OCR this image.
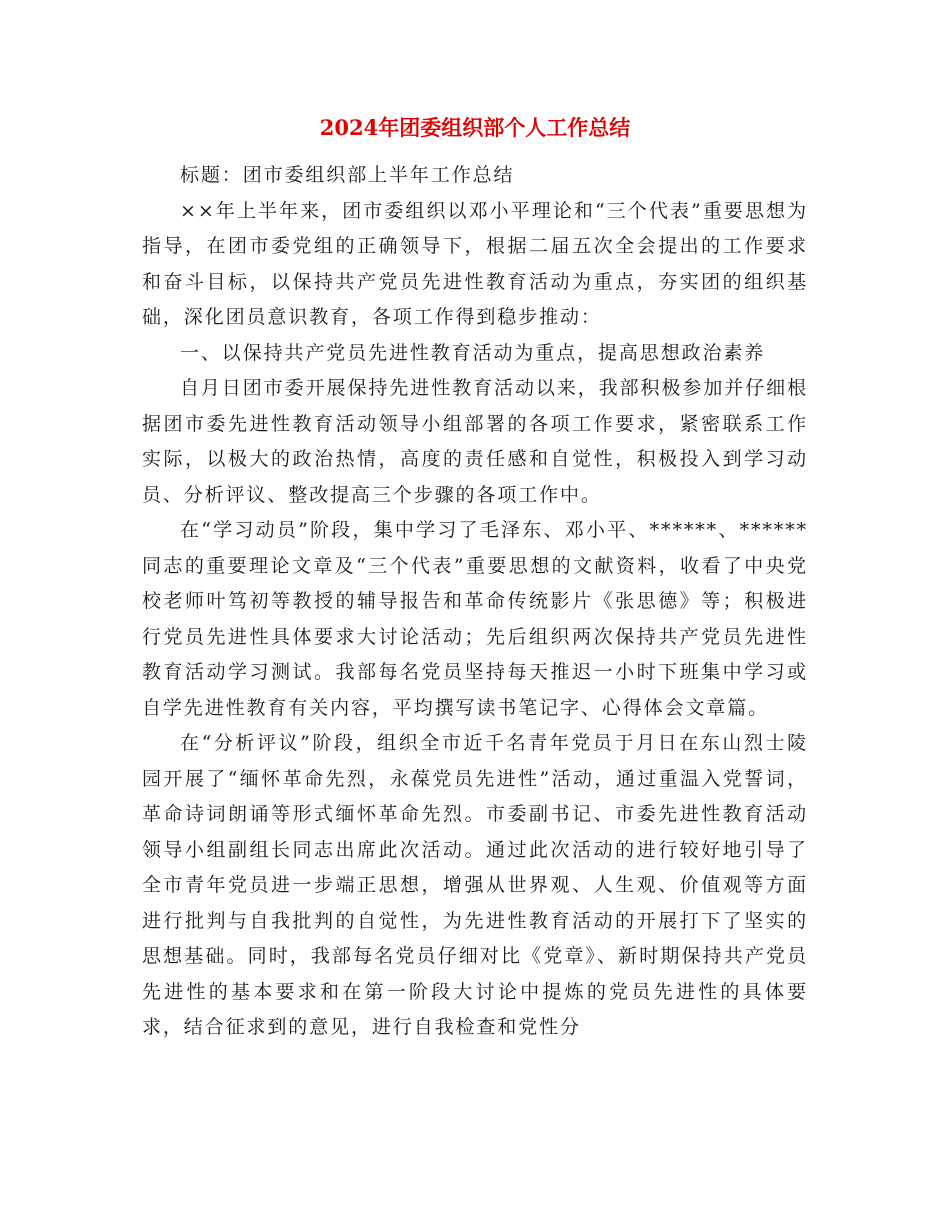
2024年团委组织部个人工作总结

标题：团市委组织部上半年工作总结

××年上半年来，团市委组织以邓小平理论和“三个代表”重要思想为指导，在团市委党组的正确领导下，根据二届五次全会提出的工作要求和奋斗目标，以保持共产党员先进性教育活动为重点，夯实团的组织基础，深化团员意识教育，各项工作得到稳步推动：

一、以保持共产党员先进性教育活动为重点，提高思想政治素养

自月日团市委开展保持先进性教育活动以来，我部积极参加并仔细根据团市委先进性教育活动领导小组部署的各项工作要求，紧密联系工作实际，以极大的政治热情，高度的责任感和自觉性，积极投入到学习动员、分析评议、整改提高三个步骤的各项工作中。

在“学习动员”阶段，集中学习了毛泽东、邓小平、******、******同志的重要理论文章及“三个代表”重要思想的文献资料，收看了中央党校老师叶笃初等教授的辅导报告和革命传统影片《张思德》等；积极进行党员先进性具体要求大讨论活动；先后组织两次保持共产党员先进性教育活动学习测试。我部每名党员坚持每天推迟一小时下班集中学习或自学先进性教育有关内容，平均撰写读书笔记字、心得体会文章篇。

在“分析评议”阶段，组织全市近千名青年党员于月日在东山烈士陵园开展了“缅怀革命先烈，永葆党员先进性”活动，通过重温入党誓词，革命诗词朗诵等形式缅怀革命先烈。市委副书记、市委先进性教育活动领导小组副组长同志出席此次活动。通过此次活动的进行较好地引导了全市青年党员进一步端正思想，增强从世界观、人生观、价值观等方面进行批判与自我批判的自觉性，为先进性教育活动的开展打下了坚实的思想基础。同时，我部每名党员仔细对比《党章》、新时期保持共产党员先进性的基本要求和在第一阶段大讨论中提炼的党员先进性的具体要求，结合征求到的意见，进行自我检查和党性分
